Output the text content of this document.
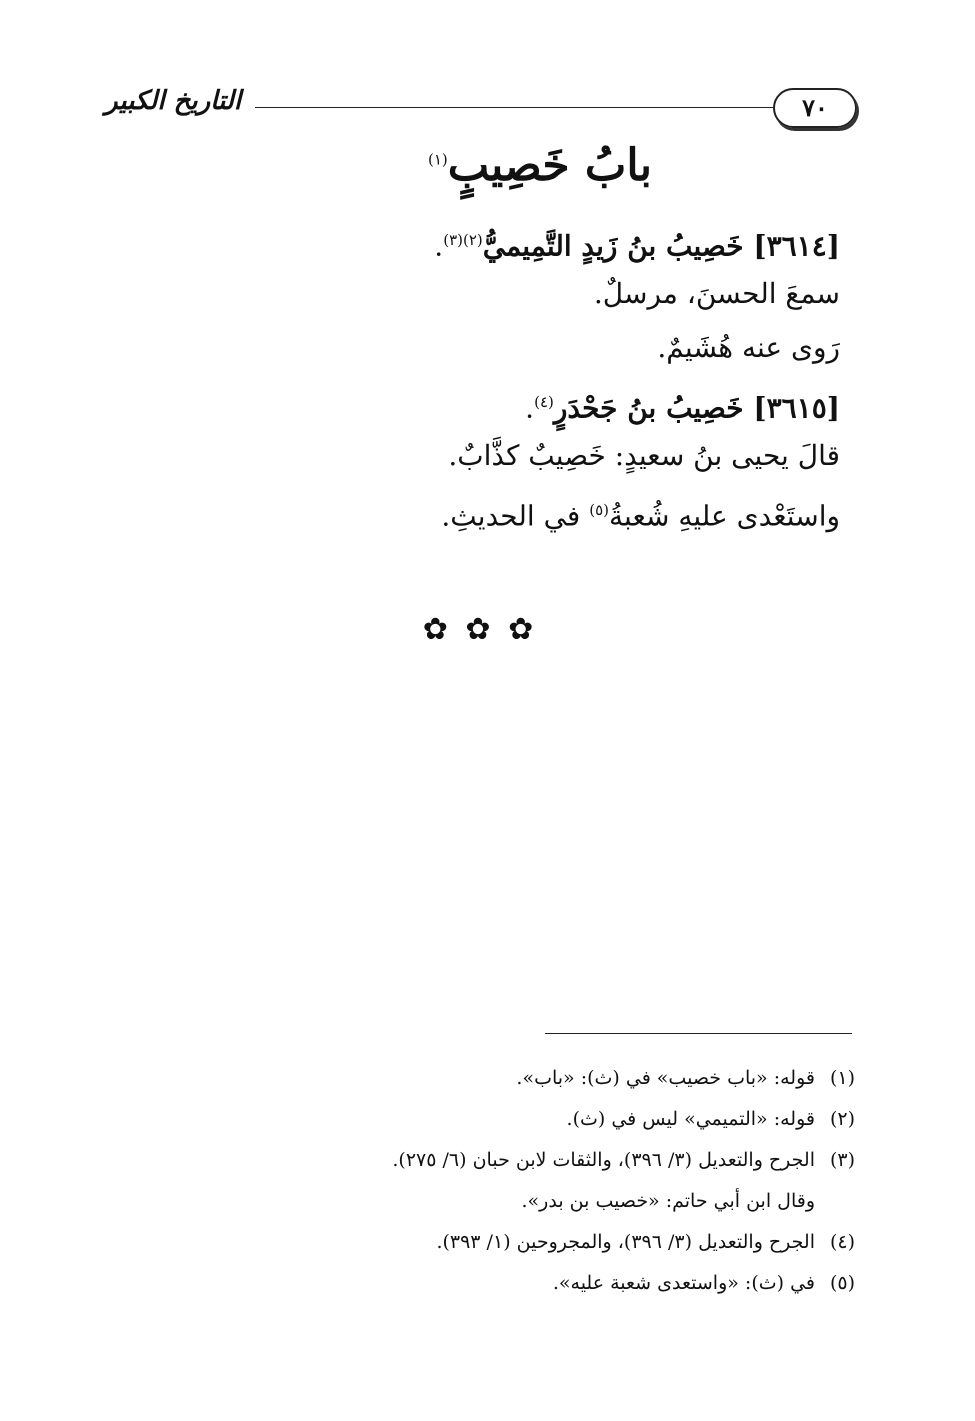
التاريخ الكبير	٧٠
بابُ خَصِيبٍ$^{(١)}$
[٣٦١٤] خَصِيبُ بنُ زَيدٍ التَّمِيميُّ$^{(٢)(٣)}$.
سمعَ الحسنَ، مرسلٌ.
رَوى عنه هُشَيمٌ.
[٣٦١٥] خَصِيبُ بنُ جَحْدَرٍ$^{(٤)}$.
قالَ يحيى بنُ سعيدٍ: خَصِيبٌ كذَّابٌ.
واستَعْدى عليهِ شُعبةُ$^{(٥)}$ في الحديثِ.
✿ ✿ ✿
(١)قوله: «باب خصيب» في (ث): «باب».
(٢)قوله: «التميمي» ليس في (ث).
(٣)الجرح والتعديل (٣/ ٣٩٦)، والثقات لابن حبان (٦/ ٢٧٥).
وقال ابن أبي حاتم: «خصيب بن بدر».
(٤)الجرح والتعديل (٣/ ٣٩٦)، والمجروحين (١/ ٣٩٣).
(٥)في (ث): «واستعدى شعبة عليه».
